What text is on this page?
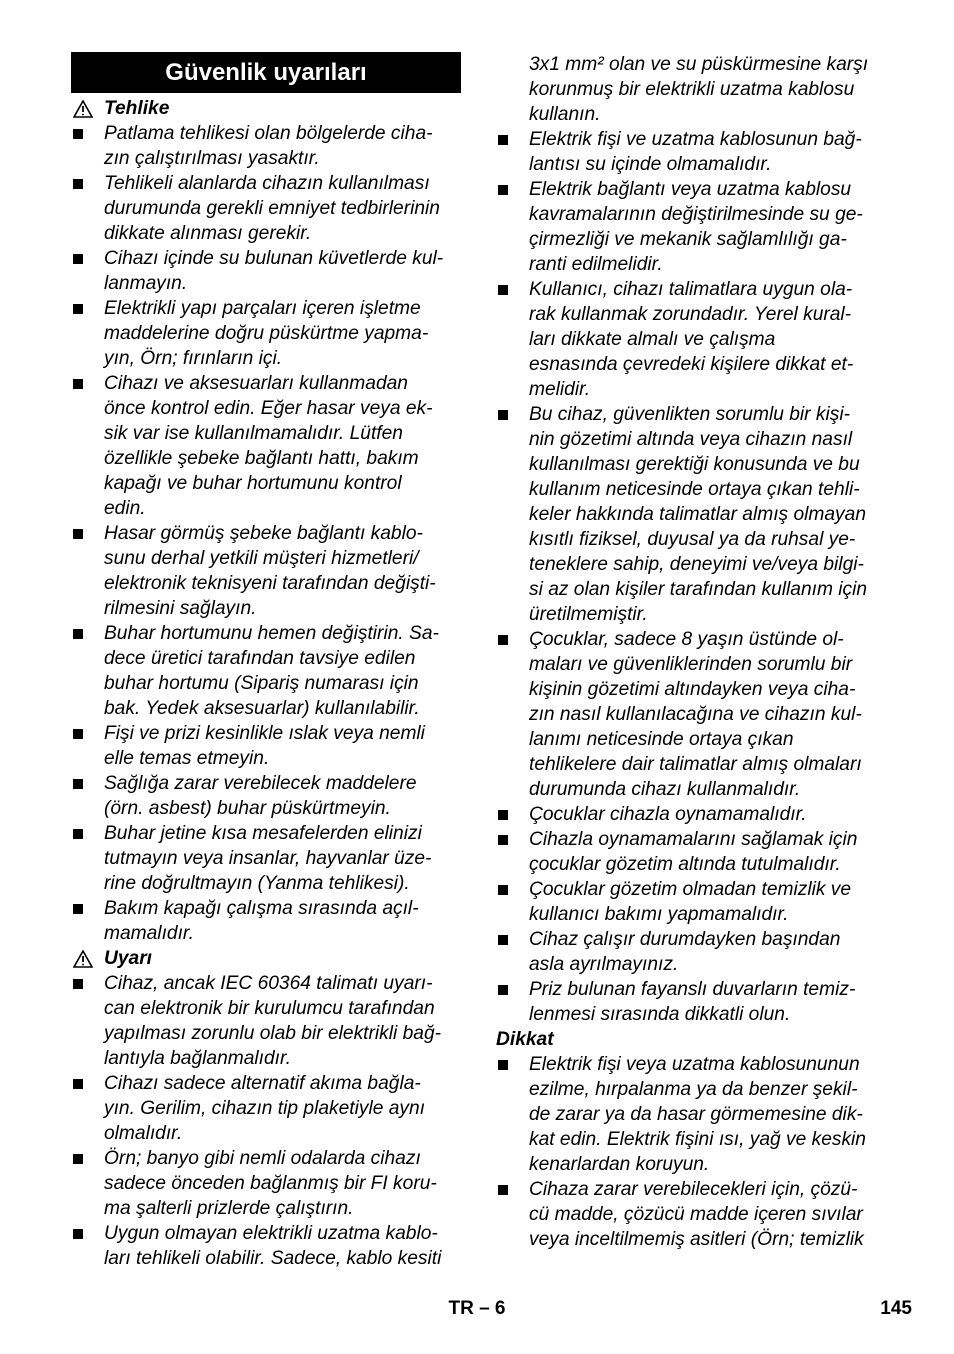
Güvenlik uyarıları
Tehlike
Patlama tehlikesi olan bölgelerde ciha-
zın çalıştırılması yasaktır.
Tehlikeli alanlarda cihazın kullanılması
durumunda gerekli emniyet tedbirlerinin
dikkate alınması gerekir.
Cihazı içinde su bulunan küvetlerde kul-
lanmayın.
Elektrikli yapı parçaları içeren işletme
maddelerine doğru püskürtme yapma-
yın, Örn; fırınların içi.
Cihazı ve aksesuarları kullanmadan
önce kontrol edin. Eğer hasar veya ek-
sik var ise kullanılmamalıdır. Lütfen
özellikle şebeke bağlantı hattı, bakım
kapağı ve buhar hortumunu kontrol
edin.
Hasar görmüş şebeke bağlantı kablo-
sunu derhal yetkili müşteri hizmetleri/
elektronik teknisyeni tarafından değişti-
rilmesini sağlayın.
Buhar hortumunu hemen değiştirin. Sa-
dece üretici tarafından tavsiye edilen
buhar hortumu (Sipariş numarası için
bak. Yedek aksesuarlar) kullanılabilir.
Fişi ve prizi kesinlikle ıslak veya nemli
elle temas etmeyin.
Sağlığa zarar verebilecek maddelere
(örn. asbest) buhar püskürtmeyin.
Buhar jetine kısa mesafelerden elinizi
tutmayın veya insanlar, hayvanlar üze-
rine doğrultmayın (Yanma tehlikesi).
Bakım kapağı çalışma sırasında açıl-
mamalıdır.
Uyarı
Cihaz, ancak IEC 60364 talimatı uyarı-
can elektronik bir kurulumcu tarafından
yapılması zorunlu olab bir elektrikli bağ-
lantıyla bağlanmalıdır.
Cihazı sadece alternatif akıma bağla-
yın. Gerilim, cihazın tip plaketiyle aynı
olmalıdır.
Örn; banyo gibi nemli odalarda cihazı
sadece önceden bağlanmış bir FI koru-
ma şalterli prizlerde çalıştırın.
Uygun olmayan elektrikli uzatma kablo-
ları tehlikeli olabilir. Sadece, kablo kesiti
3x1 mm² olan ve su püskürmesine karşı
korunmuş bir elektrikli uzatma kablosu
kullanın.
Elektrik fişi ve uzatma kablosunun bağ-
lantısı su içinde olmamalıdır.
Elektrik bağlantı veya uzatma kablosu
kavramalarının değiştirilmesinde su ge-
çirmezliği ve mekanik sağlamlılığı ga-
ranti edilmelidir.
Kullanıcı, cihazı talimatlara uygun ola-
rak kullanmak zorundadır. Yerel kural-
ları dikkate almalı ve çalışma
esnasında çevredeki kişilere dikkat et-
melidir.
Bu cihaz, güvenlikten sorumlu bir kişi-
nin gözetimi altında veya cihazın nasıl
kullanılması gerektiği konusunda ve bu
kullanım neticesinde ortaya çıkan tehli-
keler hakkında talimatlar almış olmayan
kısıtlı fiziksel, duyusal ya da ruhsal ye-
teneklere sahip, deneyimi ve/veya bilgi-
si az olan kişiler tarafından kullanım için
üretilmemiştir.
Çocuklar, sadece 8 yaşın üstünde ol-
maları ve güvenliklerinden sorumlu bir
kişinin gözetimi altındayken veya ciha-
zın nasıl kullanılacağına ve cihazın kul-
lanımı neticesinde ortaya çıkan
tehlikelere dair talimatlar almış olmaları
durumunda cihazı kullanmalıdır.
Çocuklar cihazla oynamamalıdır.
Cihazla oynamamalarını sağlamak için
çocuklar gözetim altında tutulmalıdır.
Çocuklar gözetim olmadan temizlik ve
kullanıcı bakımı yapmamalıdır.
Cihaz çalışır durumdayken başından
asla ayrılmayınız.
Priz bulunan fayanslı duvarların temiz-
lenmesi sırasında dikkatli olun.
Dikkat
Elektrik fişi veya uzatma kablosununun
ezilme, hırpalanma ya da benzer şekil-
de zarar ya da hasar görmemesine dik-
kat edin. Elektrik fişini ısı, yağ ve keskin
kenarlardan koruyun.
Cihaza zarar verebilecekleri için, çözü-
cü madde, çözücü madde içeren sıvılar
veya inceltilmemiş asitleri (Örn; temizlik
TR – 6	145
